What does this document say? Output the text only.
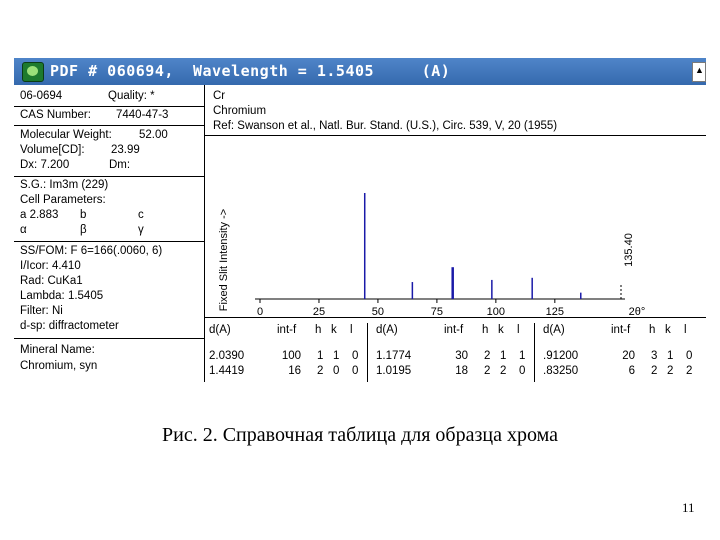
PDF # 060694,  Wavelength = 1.5405     (A)	▲
06-0694	Quality: *
CAS Number: 7440-47-3
Molecular Weight: 52.00
Volume[CD]: 23.99
Dx: 7.200	Dm:
S.G.: Im3m (229)
Cell Parameters:
a 2.883 b	c
α	β	γ
SS/FOM: F 6=166(.0060, 6)
I/Icor: 4.410
Rad: CuKa1
Lambda: 1.5405
Filter: Ni
d-sp: diffractometer
Mineral Name:
Chromium, syn
Cr
Chromium
Ref: Swanson et al., Natl. Bur. Stand. (U.S.), Circ. 539, V, 20 (1955)
Fixed Slit Intensity ->	135.40
0	25	50	75	100	125	2θ°
d(A)	int-f h k l
2.0390	100 1 1 0
1.4419	16 2 0 0
d(A)	int-f h k l
1.1774	30 2 1 1
1.0195	18 2 2 0
d(A)	int-f h k l
.91200	20 3 1 0
.83250	6 2 2 2
Рис. 2. Справочная таблица для образца хрома
11
